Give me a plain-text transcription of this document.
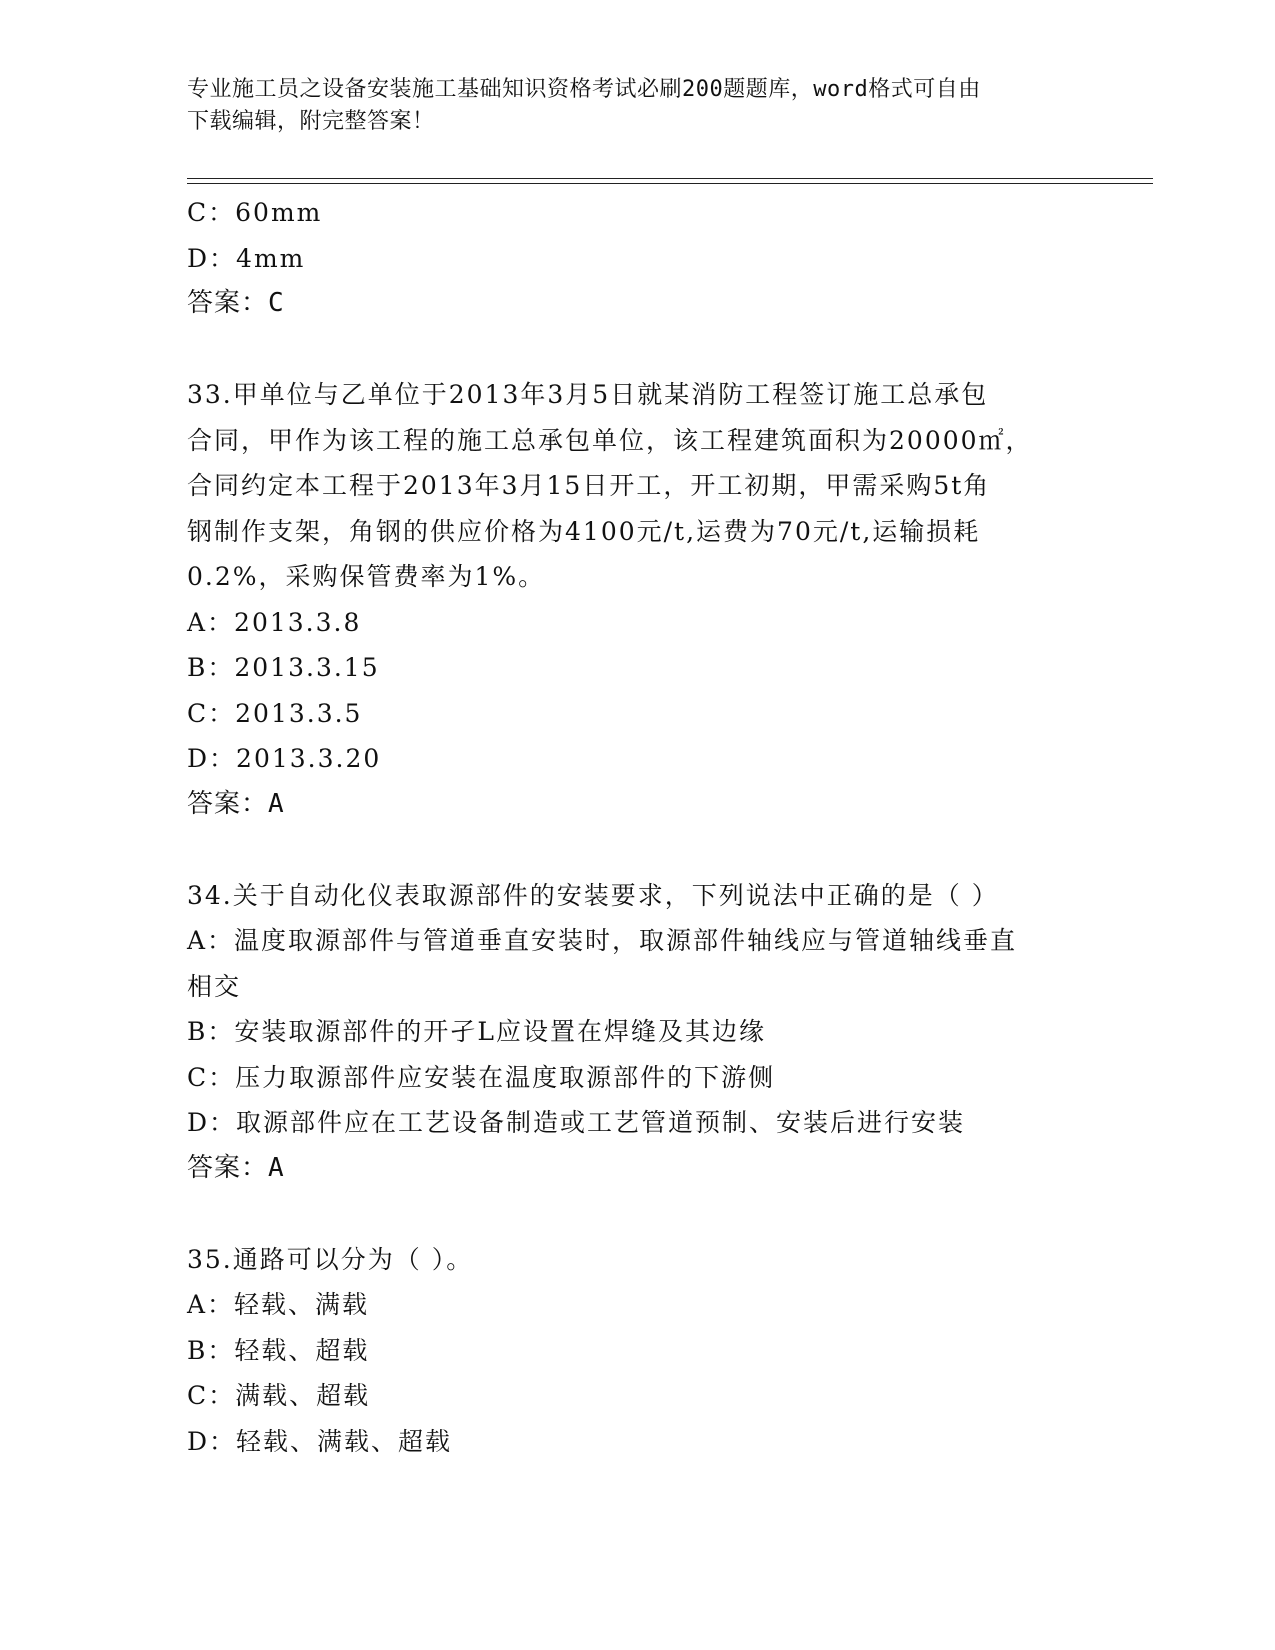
专业施工员之设备安装施工基础知识资格考试必刷200题题库，word格式可自由
下载编辑，附完整答案！
C：60mm
D：4mm
答案：C
33.甲单位与乙单位于2013年3月5日就某消防工程签订施工总承包
合同，甲作为该工程的施工总承包单位，该工程建筑面积为20000㎡，
合同约定本工程于2013年3月15日开工，开工初期，甲需采购5t角
钢制作支架，角钢的供应价格为4100元/t,运费为70元/t,运输损耗
0.2%，采购保管费率为1%。
A：2013.3.8
B：2013.3.15
C：2013.3.5
D：2013.3.20
答案：A
34.关于自动化仪表取源部件的安装要求，下列说法中正确的是（ ）
A：温度取源部件与管道垂直安装时，取源部件轴线应与管道轴线垂直
相交
B：安装取源部件的开孑L应设置在焊缝及其边缘
C：压力取源部件应安装在温度取源部件的下游侧
D：取源部件应在工艺设备制造或工艺管道预制、安装后进行安装
答案：A
35.通路可以分为（ ）。
A：轻载、满载
B：轻载、超载
C：满载、超载
D：轻载、满载、超载
